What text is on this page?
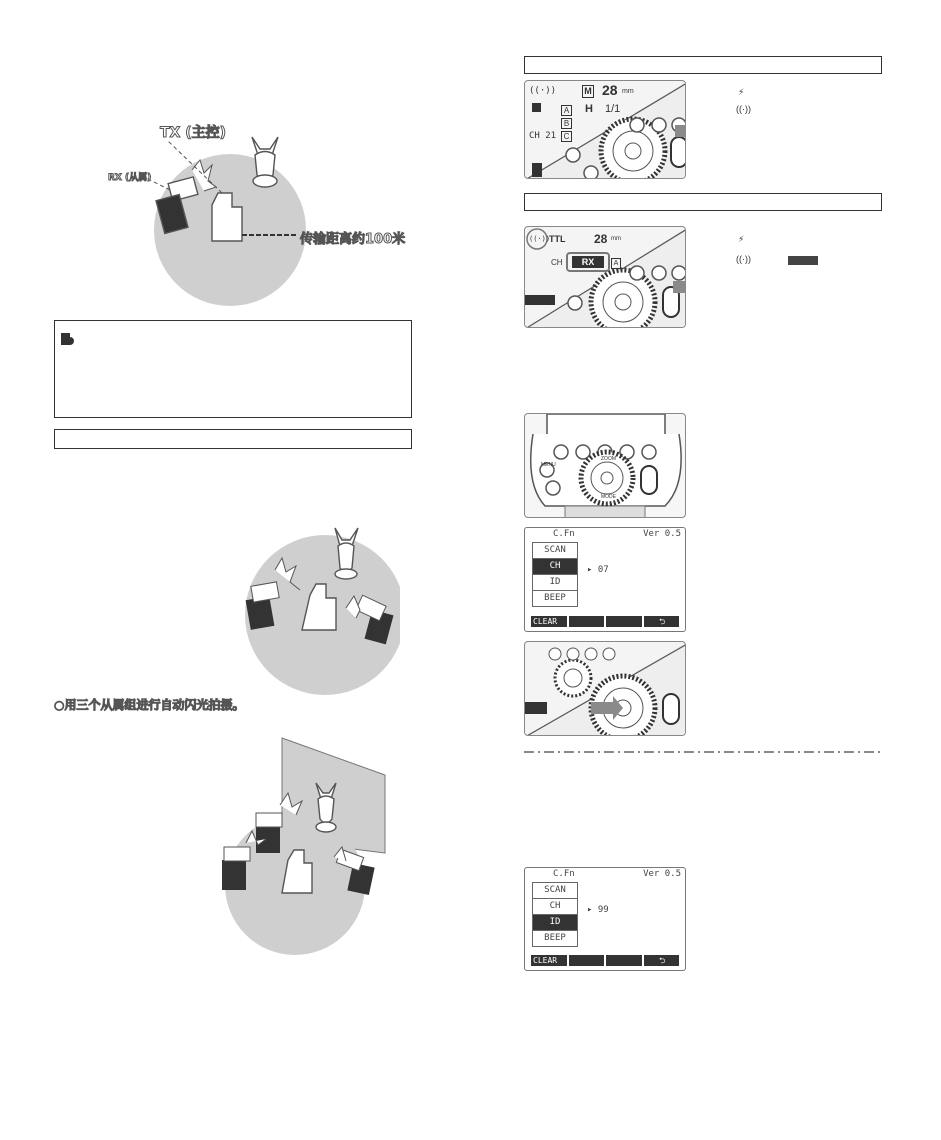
TX (主控)
RX (从属)
传输距离约100米
○用三个从属组进行自动闪光拍摄。
((·))	M 28 mm
A
B
C
H 1/1
CH 21
⚡
((·))
((·))
TTL 28 mm
CH	RX	A
⚡
((·))
ZOOM
MODE
MENU
C.Fn	Ver 0.5
SCAN
CH
ID
BEEP
▸ 07
CLEAR	⮌
C.Fn	Ver 0.5
SCAN
CH
ID
BEEP
▸ 99
CLEAR	⮌
